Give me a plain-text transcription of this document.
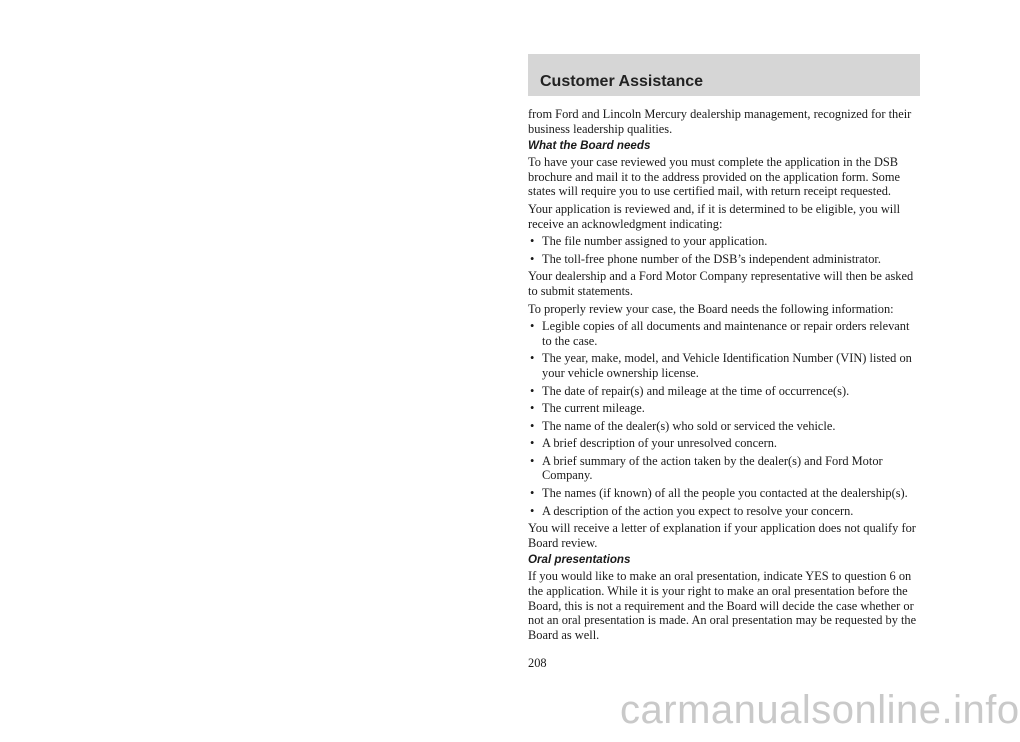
Customer Assistance

from Ford and Lincoln Mercury dealership management, recognized for their business leadership qualities.

What the Board needs

To have your case reviewed you must complete the application in the DSB brochure and mail it to the address provided on the application form. Some states will require you to use certified mail, with return receipt requested.

Your application is reviewed and, if it is determined to be eligible, you will receive an acknowledgment indicating:

• The file number assigned to your application.
• The toll-free phone number of the DSB’s independent administrator.

Your dealership and a Ford Motor Company representative will then be asked to submit statements.

To properly review your case, the Board needs the following information:

• Legible copies of all documents and maintenance or repair orders relevant to the case.
• The year, make, model, and Vehicle Identification Number (VIN) listed on your vehicle ownership license.
• The date of repair(s) and mileage at the time of occurrence(s).
• The current mileage.
• The name of the dealer(s) who sold or serviced the vehicle.
• A brief description of your unresolved concern.
• A brief summary of the action taken by the dealer(s) and Ford Motor Company.
• The names (if known) of all the people you contacted at the dealership(s).
• A description of the action you expect to resolve your concern.

You will receive a letter of explanation if your application does not qualify for Board review.

Oral presentations

If you would like to make an oral presentation, indicate YES to question 6 on the application. While it is your right to make an oral presentation before the Board, this is not a requirement and the Board will decide the case whether or not an oral presentation is made. An oral presentation may be requested by the Board as well.

208
carmanualsonline.info
